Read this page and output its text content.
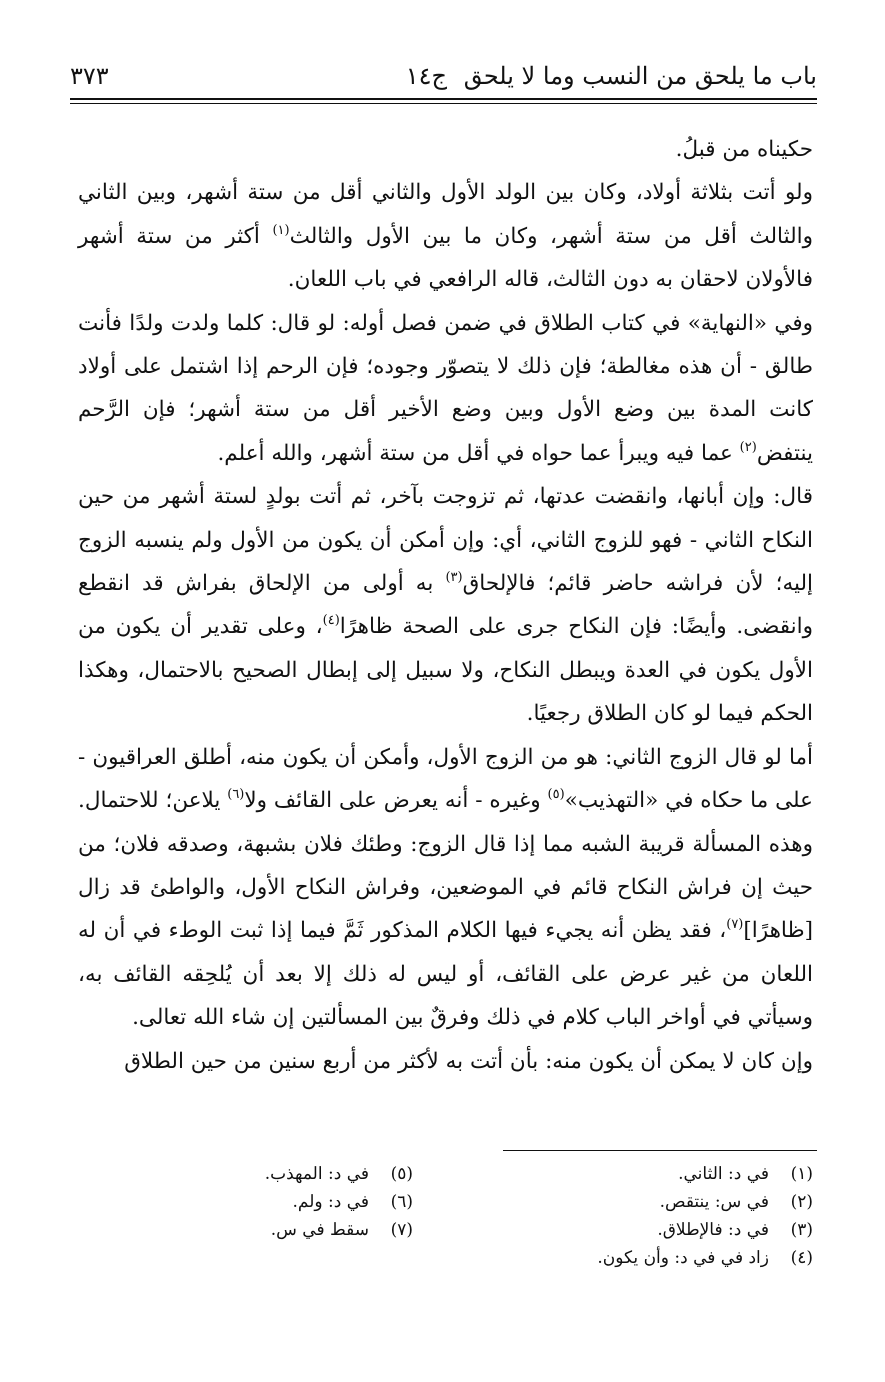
باب ما يلحق من النسب وما لا يلحق
ج١٤
٣٧٣

حكيناه من قبلُ.

ولو أتت بثلاثة أولاد، وكان بين الولد الأول والثاني أقل من ستة أشهر، وبين الثاني والثالث أقل من ستة أشهر، وكان ما بين الأول والثالث$^{(١)}$ أكثر من ستة أشهر فالأولان لاحقان به دون الثالث، قاله الرافعي في باب اللعان.

وفي «النهاية» في كتاب الطلاق في ضمن فصل أوله: لو قال: كلما ولدت ولدًا فأنت طالق - أن هذه مغالطة؛ فإن ذلك لا يتصوّر وجوده؛ فإن الرحم إذا اشتمل على أولاد كانت المدة بين وضع الأول وبين وضع الأخير أقل من ستة أشهر؛ فإن الرَّحم ينتفض$^{(٢)}$ عما فيه ويبرأ عما حواه في أقل من ستة أشهر، والله أعلم.

قال: وإن أبانها، وانقضت عدتها، ثم تزوجت بآخر، ثم أتت بولدٍ لستة أشهر من حين النكاح الثاني - فهو للزوج الثاني، أي: وإن أمكن أن يكون من الأول ولم ينسبه الزوج إليه؛ لأن فراشه حاضر قائم؛ فالإلحاق$^{(٣)}$ به أولى من الإلحاق بفراش قد انقطع وانقضى. وأيضًا: فإن النكاح جرى على الصحة ظاهرًا$^{(٤)}$، وعلى تقدير أن يكون من الأول يكون في العدة ويبطل النكاح، ولا سبيل إلى إبطال الصحيح بالاحتمال، وهكذا الحكم فيما لو كان الطلاق رجعيًا.

أما لو قال الزوج الثاني: هو من الزوج الأول، وأمكن أن يكون منه، أطلق العراقيون - على ما حكاه في «التهذيب»$^{(٥)}$ وغيره - أنه يعرض على القائف ولا$^{(٦)}$ يلاعن؛ للاحتمال. وهذه المسألة قريبة الشبه مما إذا قال الزوج: وطئك فلان بشبهة، وصدقه فلان؛ من حيث إن فراش النكاح قائم في الموضعين، وفراش النكاح الأول، والواطئ قد زال [ظاهرًا]$^{(٧)}$، فقد يظن أنه يجيء فيها الكلام المذكور ثَمَّ فيما إذا ثبت الوطء في أن له اللعان من غير عرض على القائف، أو ليس له ذلك إلا بعد أن يُلحِقه القائف به، وسيأتي في أواخر الباب كلام في ذلك وفرقٌ بين المسألتين إن شاء الله تعالى.

وإن كان لا يمكن أن يكون منه: بأن أتت به لأكثر من أربع سنين من حين الطلاق

(١)في د: الثاني.
(٢)في س: ينتقص.
(٣)في د: فالإطلاق.
(٤)زاد في في د: وأن يكون.
(٥)في د: المهذب.
(٦)في د: ولم.
(٧)سقط في س.
